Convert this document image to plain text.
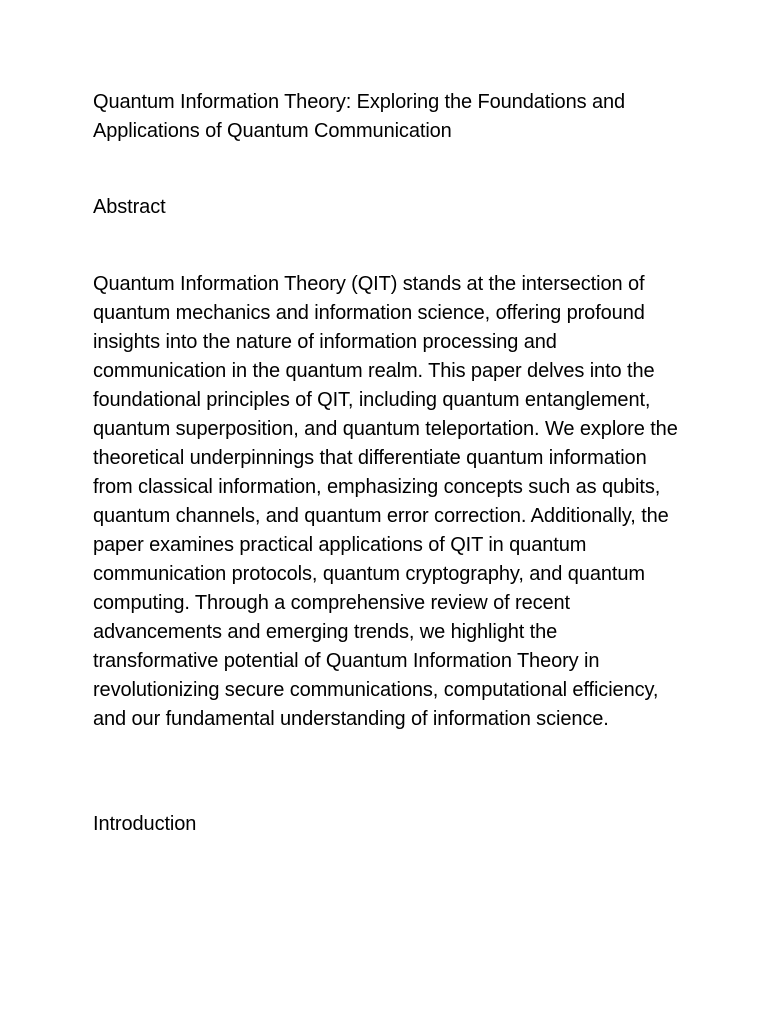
Quantum Information Theory: Exploring the Foundations and Applications of Quantum Communication
Abstract

Quantum Information Theory (QIT) stands at the intersection of quantum mechanics and information science, offering profound insights into the nature of information processing and communication in the quantum realm. This paper delves into the foundational principles of QIT, including quantum entanglement, quantum superposition, and quantum teleportation. We explore the theoretical underpinnings that differentiate quantum information from classical information, emphasizing concepts such as qubits, quantum channels, and quantum error correction. Additionally, the paper examines practical applications of QIT in quantum communication protocols, quantum cryptography, and quantum computing. Through a comprehensive review of recent advancements and emerging trends, we highlight the transformative potential of Quantum Information Theory in revolutionizing secure communications, computational efficiency, and our fundamental understanding of information science.

Introduction
